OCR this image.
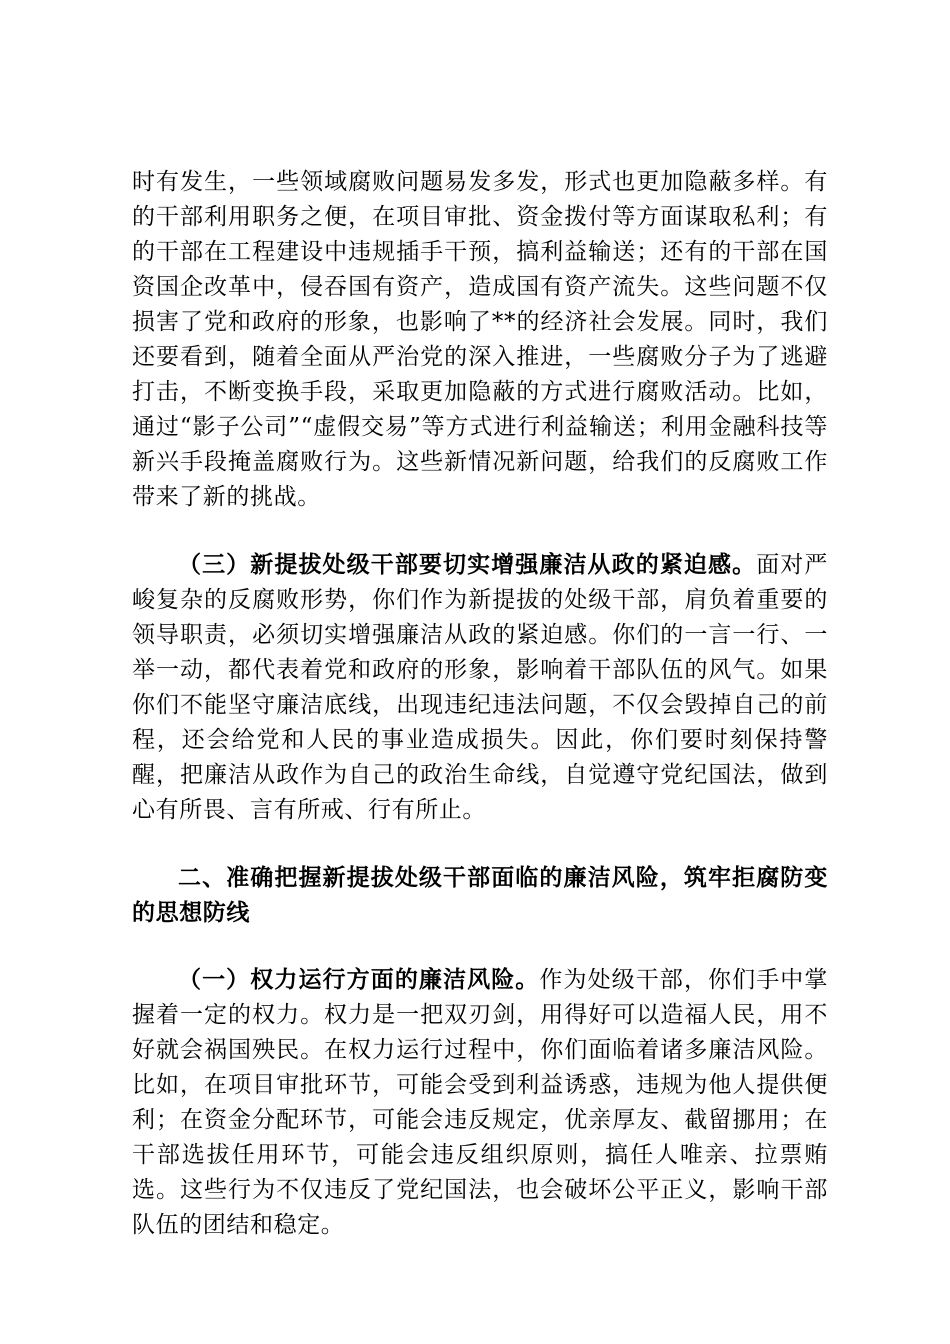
时有发生，一些领域腐败问题易发多发，形式也更加隐蔽多样。有的干部利用职务之便，在项目审批、资金拨付等方面谋取私利；有的干部在工程建设中违规插手干预，搞利益输送；还有的干部在国资国企改革中，侵吞国有资产，造成国有资产流失。这些问题不仅损害了党和政府的形象，也影响了**的经济社会发展。同时，我们还要看到，随着全面从严治党的深入推进，一些腐败分子为了逃避打击，不断变换手段，采取更加隐蔽的方式进行腐败活动。比如，通过“影子公司”“虚假交易”等方式进行利益输送；利用金融科技等新兴手段掩盖腐败行为。这些新情况新问题，给我们的反腐败工作带来了新的挑战。

（三）新提拔处级干部要切实增强廉洁从政的紧迫感。面对严峻复杂的反腐败形势，你们作为新提拔的处级干部，肩负着重要的领导职责，必须切实增强廉洁从政的紧迫感。你们的一言一行、一举一动，都代表着党和政府的形象，影响着干部队伍的风气。如果你们不能坚守廉洁底线，出现违纪违法问题，不仅会毁掉自己的前程，还会给党和人民的事业造成损失。因此，你们要时刻保持警醒，把廉洁从政作为自己的政治生命线，自觉遵守党纪国法，做到心有所畏、言有所戒、行有所止。

二、准确把握新提拔处级干部面临的廉洁风险，筑牢拒腐防变的思想防线

（一）权力运行方面的廉洁风险。作为处级干部，你们手中掌握着一定的权力。权力是一把双刃剑，用得好可以造福人民，用不好就会祸国殃民。在权力运行过程中，你们面临着诸多廉洁风险。比如，在项目审批环节，可能会受到利益诱惑，违规为他人提供便利；在资金分配环节，可能会违反规定，优亲厚友、截留挪用；在干部选拔任用环节，可能会违反组织原则，搞任人唯亲、拉票贿选。这些行为不仅违反了党纪国法，也会破坏公平正义，影响干部队伍的团结和稳定。
